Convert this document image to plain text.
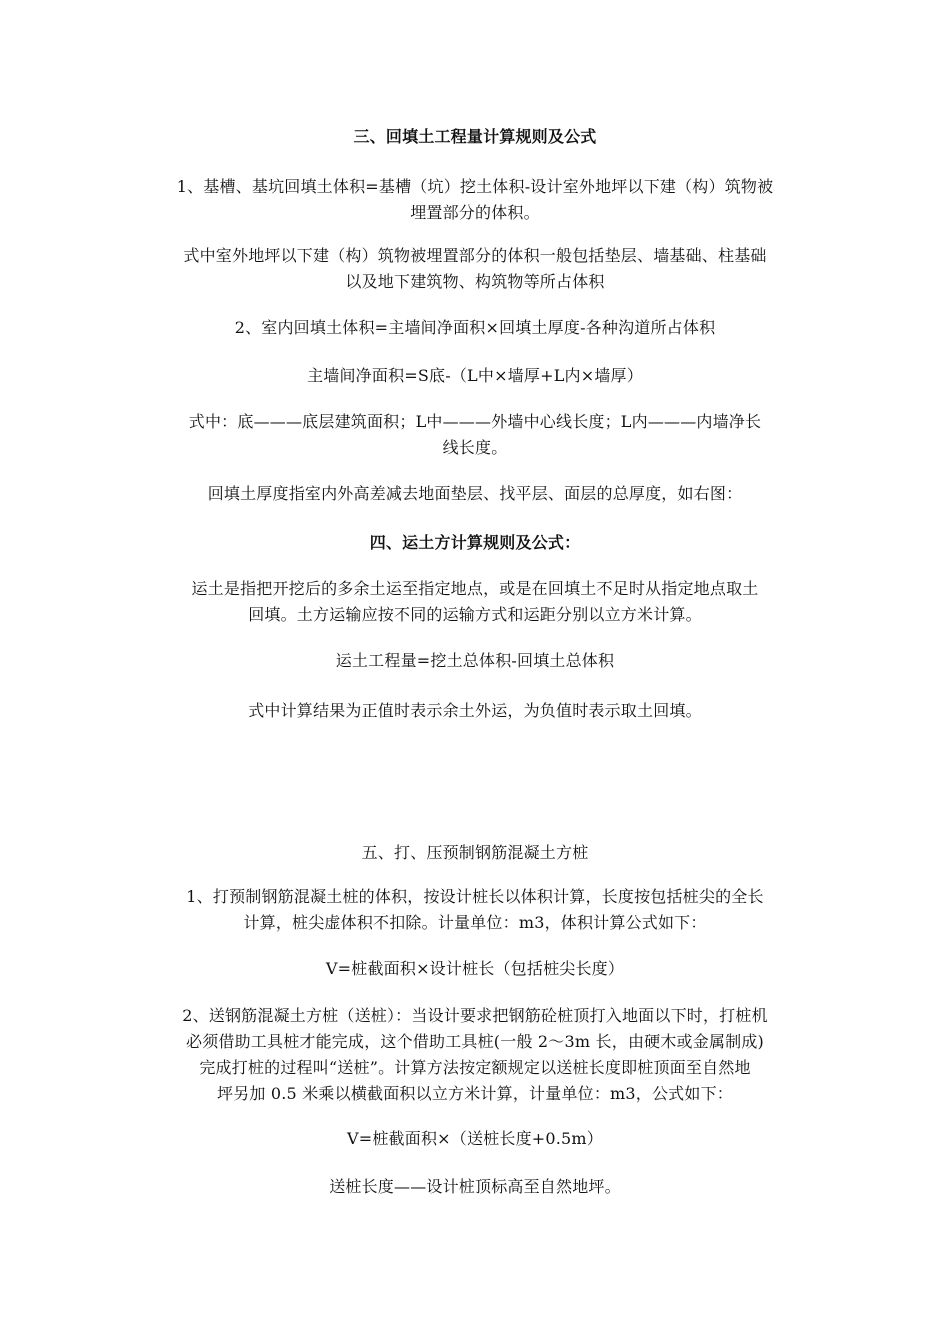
三、回填土工程量计算规则及公式
1、基槽、基坑回填土体积=基槽（坑）挖土体积-设计室外地坪以下建（构）筑物被
埋置部分的体积。
式中室外地坪以下建（构）筑物被埋置部分的体积一般包括垫层、墙基础、柱基础
以及地下建筑物、构筑物等所占体积
2、室内回填土体积=主墙间净面积×回填土厚度-各种沟道所占体积
主墙间净面积=S底-（L中×墙厚+L内×墙厚）
式中：底———底层建筑面积；L中———外墙中心线长度；L内———内墙净长
线长度。
回填土厚度指室内外高差减去地面垫层、找平层、面层的总厚度，如右图：
四、运土方计算规则及公式：
运土是指把开挖后的多余土运至指定地点，或是在回填土不足时从指定地点取土
回填。土方运输应按不同的运输方式和运距分别以立方米计算。
运土工程量=挖土总体积-回填土总体积
式中计算结果为正值时表示余土外运，为负值时表示取土回填。
五、打、压预制钢筋混凝土方桩
1、打预制钢筋混凝土桩的体积，按设计桩长以体积计算，长度按包括桩尖的全长
计算，桩尖虚体积不扣除。计量单位：m3，体积计算公式如下：
V=桩截面积×设计桩长（包括桩尖长度）
2、送钢筋混凝土方桩（送桩）：当设计要求把钢筋砼桩顶打入地面以下时，打桩机
必须借助工具桩才能完成，这个借助工具桩(一般 2～3m 长，由硬木或金属制成)
完成打桩的过程叫“送桩”。计算方法按定额规定以送桩长度即桩顶面至自然地
坪另加 0.5 米乘以横截面积以立方米计算，计量单位：m3，公式如下：
V=桩截面积×（送桩长度+0.5m）
送桩长度——设计桩顶标高至自然地坪。
